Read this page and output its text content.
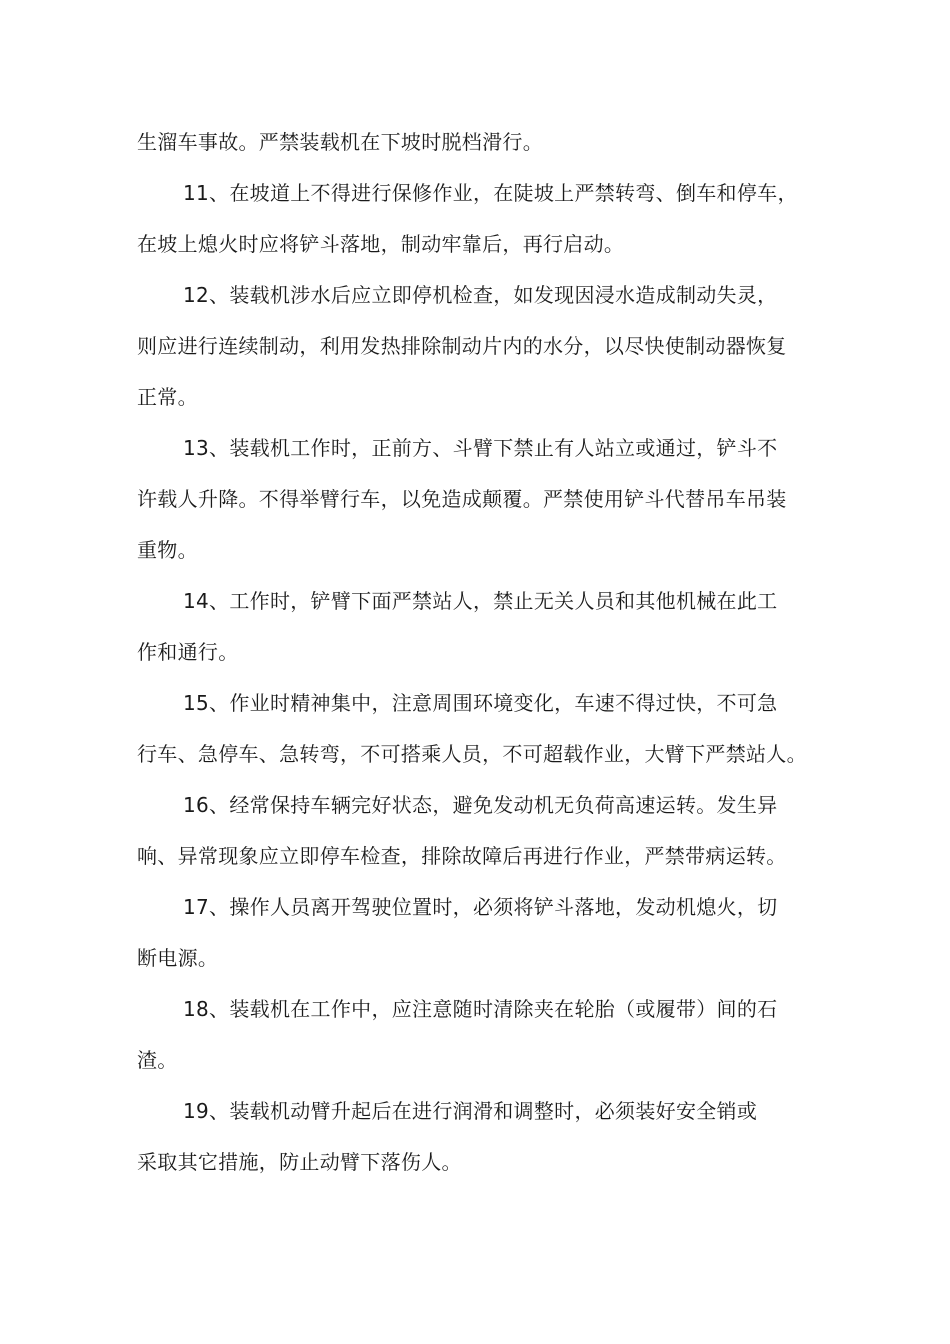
生溜车事故。严禁装载机在下坡时脱档滑行。
11、在坡道上不得进行保修作业，在陡坡上严禁转弯、倒车和停车，
在坡上熄火时应将铲斗落地，制动牢靠后，再行启动。
12、装载机涉水后应立即停机检查，如发现因浸水造成制动失灵，
则应进行连续制动，利用发热排除制动片内的水分，以尽快使制动器恢复
正常。
13、装载机工作时，正前方、斗臂下禁止有人站立或通过，铲斗不
许载人升降。不得举臂行车，以免造成颠覆。严禁使用铲斗代替吊车吊装
重物。
14、工作时，铲臂下面严禁站人，禁止无关人员和其他机械在此工
作和通行。
15、作业时精神集中，注意周围环境变化，车速不得过快，不可急
行车、急停车、急转弯，不可搭乘人员，不可超载作业，大臂下严禁站人。
16、经常保持车辆完好状态，避免发动机无负荷高速运转。发生异
响、异常现象应立即停车检查，排除故障后再进行作业，严禁带病运转。
17、操作人员离开驾驶位置时，必须将铲斗落地，发动机熄火，切
断电源。
18、装载机在工作中，应注意随时清除夹在轮胎（或履带）间的石
渣。
19、装载机动臂升起后在进行润滑和调整时，必须装好安全销或
采取其它措施，防止动臂下落伤人。
